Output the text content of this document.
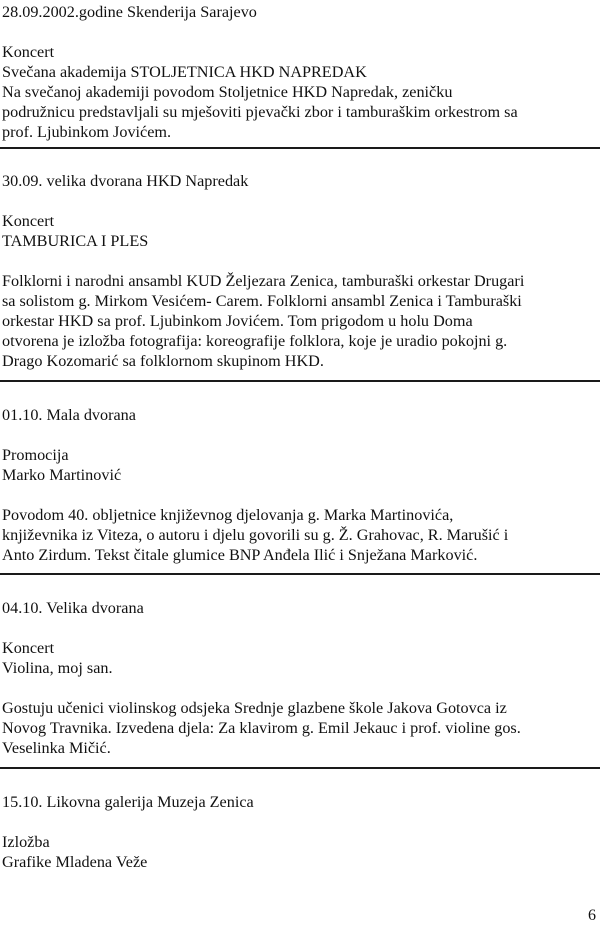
28.09.2002.godine Skenderija Sarajevo
Koncert
Svečana akademija STOLJETNICA HKD NAPREDAK
Na svečanoj akademiji povodom Stoljetnice HKD Napredak, zeničku
podružnicu predstavljali su mješoviti pjevački zbor i tamburaškim orkestrom sa
prof. Ljubinkom Jovićem.
30.09. velika dvorana HKD Napredak
Koncert
TAMBURICA I PLES
Folklorni i narodni ansambl KUD Željezara Zenica, tamburaški orkestar Drugari
sa solistom g. Mirkom Vesićem- Carem. Folklorni ansambl Zenica i Tamburaški
orkestar HKD sa prof. Ljubinkom Jovićem. Tom prigodom u holu Doma
otvorena je izložba fotografija: koreografije folklora, koje je uradio pokojni g.
Drago Kozomarić sa folklornom skupinom HKD.
01.10. Mala dvorana
Promocija
Marko Martinović
Povodom 40. obljetnice književnog djelovanja g. Marka Martinovića,
književnika iz Viteza, o autoru i djelu govorili su g. Ž. Grahovac, R. Marušić i
Anto Zirdum. Tekst čitale glumice BNP Anđela Ilić i Snježana Marković.
04.10. Velika dvorana
Koncert
Violina, moj san.
Gostuju učenici violinskog odsjeka Srednje glazbene škole Jakova Gotovca iz
Novog Travnika. Izvedena djela: Za klavirom g. Emil Jekauc i prof. violine gos.
Veselinka Mičić.
15.10. Likovna galerija Muzeja Zenica
Izložba
Grafike Mladena Veže
6
